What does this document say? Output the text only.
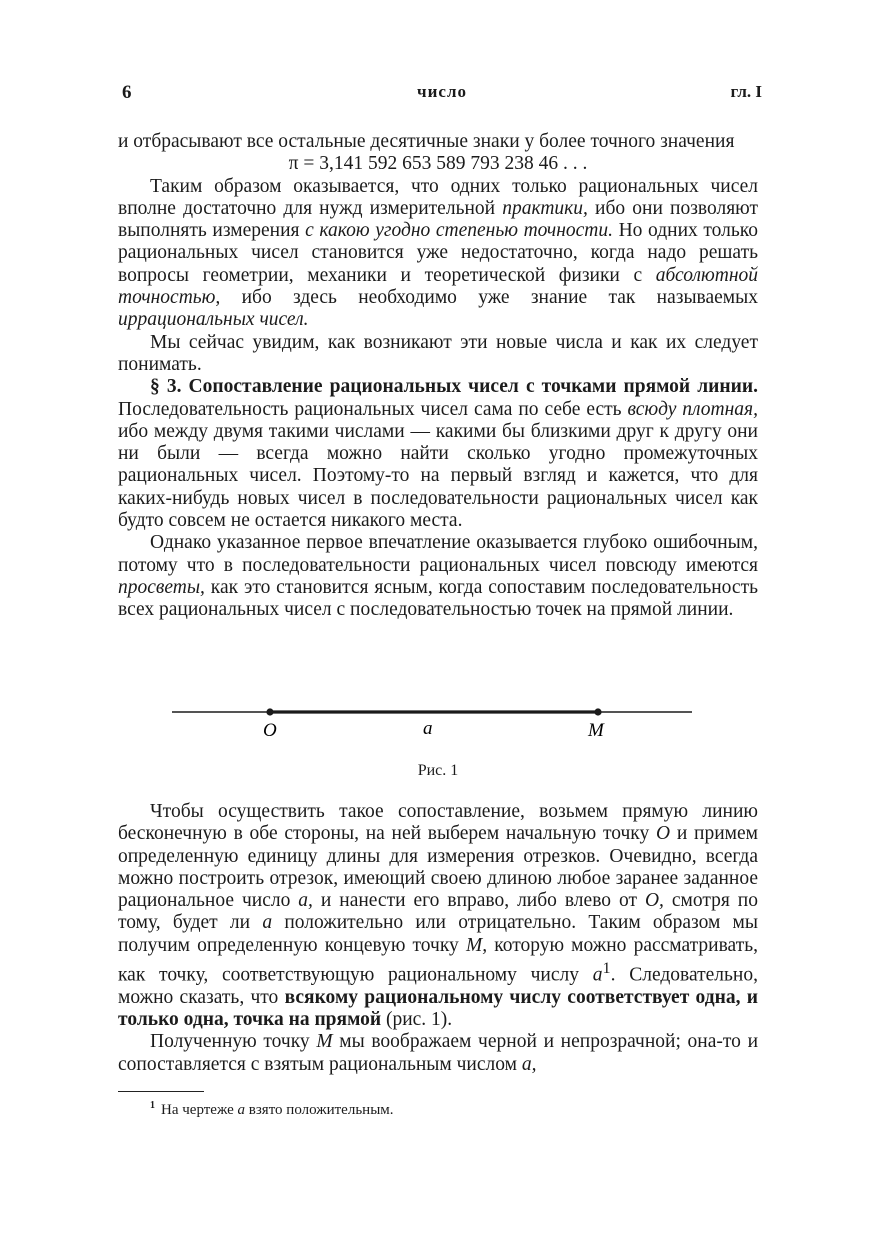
6	число	гл. I

и отбрасывают все остальные десятичные знаки у более точного значения

π = 3,141 592 653 589 793 238 46 . . .

Таким образом оказывается, что одних только рациональных чисел вполне достаточно для нужд измерительной практики, ибо они позволяют выполнять измерения с какою угодно степенью точности. Но одних только рациональных чисел становится уже недостаточно, когда надо решать вопросы геометрии, механики и теоретической физики с абсолютной точностью, ибо здесь необходимо уже знание так называемых иррациональных чисел.

Мы сейчас увидим, как возникают эти новые числа и как их следует понимать.

§ 3. Сопоставление рациональных чисел с точками прямой линии. Последовательность рациональных чисел сама по себе есть всюду плотная, ибо между двумя такими числами — какими бы близкими друг к другу они ни были — всегда можно найти сколько угодно промежуточных рациональных чисел. Поэтому-то на первый взгляд и кажется, что для каких-нибудь новых чисел в последовательности рациональных чисел как будто совсем не остается никакого места.

Однако указанное первое впечатление оказывается глубоко ошибочным, потому что в последовательности рациональных чисел повсюду имеются просветы, как это становится ясным, когда сопоставим последовательность всех рациональных чисел с последовательностью точек на прямой линии.

O	a	M
Рис. 1

Чтобы осуществить такое сопоставление, возьмем прямую линию бесконечную в обе стороны, на ней выберем начальную точку O и примем определенную единицу длины для измерения отрезков. Очевидно, всегда можно построить отрезок, имеющий своею длиною любое заранее заданное рациональное число a, и нанести его вправо, либо влево от O, смотря по тому, будет ли a положительно или отрицательно. Таким образом мы получим определенную концевую точку M, которую можно рассматривать, как точку, соответствующую рациональному числу $a^1$. Следовательно, можно сказать, что всякому рациональному числу соответствует одна, и только одна, точка на прямой (рис. 1).

Полученную точку M мы воображаем черной и непрозрачной; она-то и сопоставляется с взятым рациональным числом a,

$^1$ На чертеже a взято положительным.
